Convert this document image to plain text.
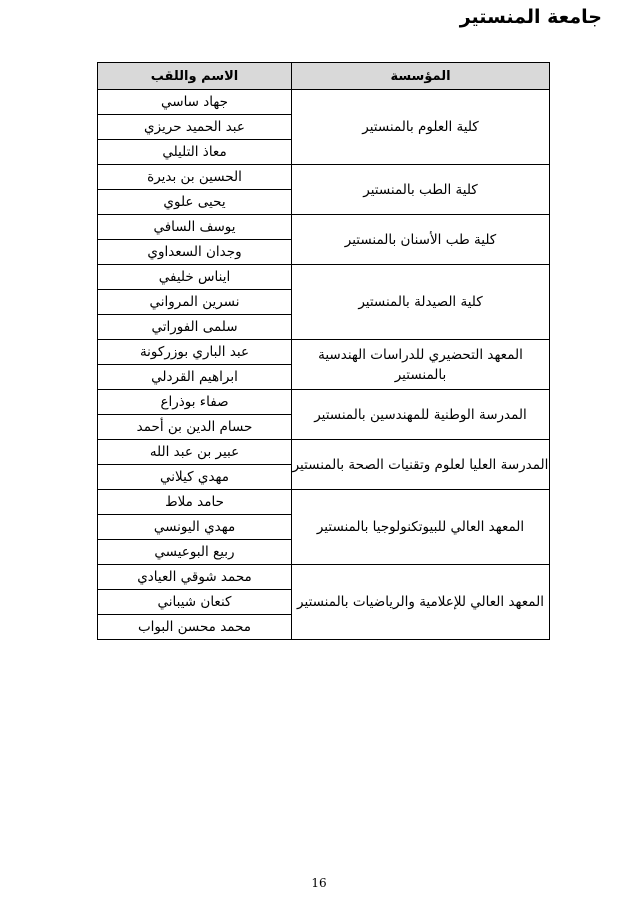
جامعة المنستير
المؤسسة	الاسم واللقب
كلية العلوم بالمنستير	جهاد ساسي
	عبد الحميد حريزي
	معاذ التليلي
كلية الطب بالمنستير	الحسين بن بديرة
	يحيى علوي
كلية طب الأسنان بالمنستير	يوسف السافي
	وجدان السعداوي
كلية الصيدلة بالمنستير	ايناس خليفي
	نسرين المرواني
	سلمى الفوراتي
المعهد التحضيري للدراسات الهندسية بالمنستير	عبد الباري بوزركونة
	ابراهيم القردلي
المدرسة الوطنية للمهندسين بالمنستير	صفاء بوذراع
	حسام الدين بن أحمد
المدرسة العليا لعلوم وتقنيات الصحة بالمنستير	عبير بن عبد الله
	مهدي كيلاني
المعهد العالي للبيوتكنولوجيا بالمنستير	حامد ملاط
	مهدي اليونسي
	ربيع البوعيسي
المعهد العالي للإعلامية والرياضيات بالمنستير	محمد شوقي العيادي
	كنعان شيباني
	محمد محسن البواب
16
